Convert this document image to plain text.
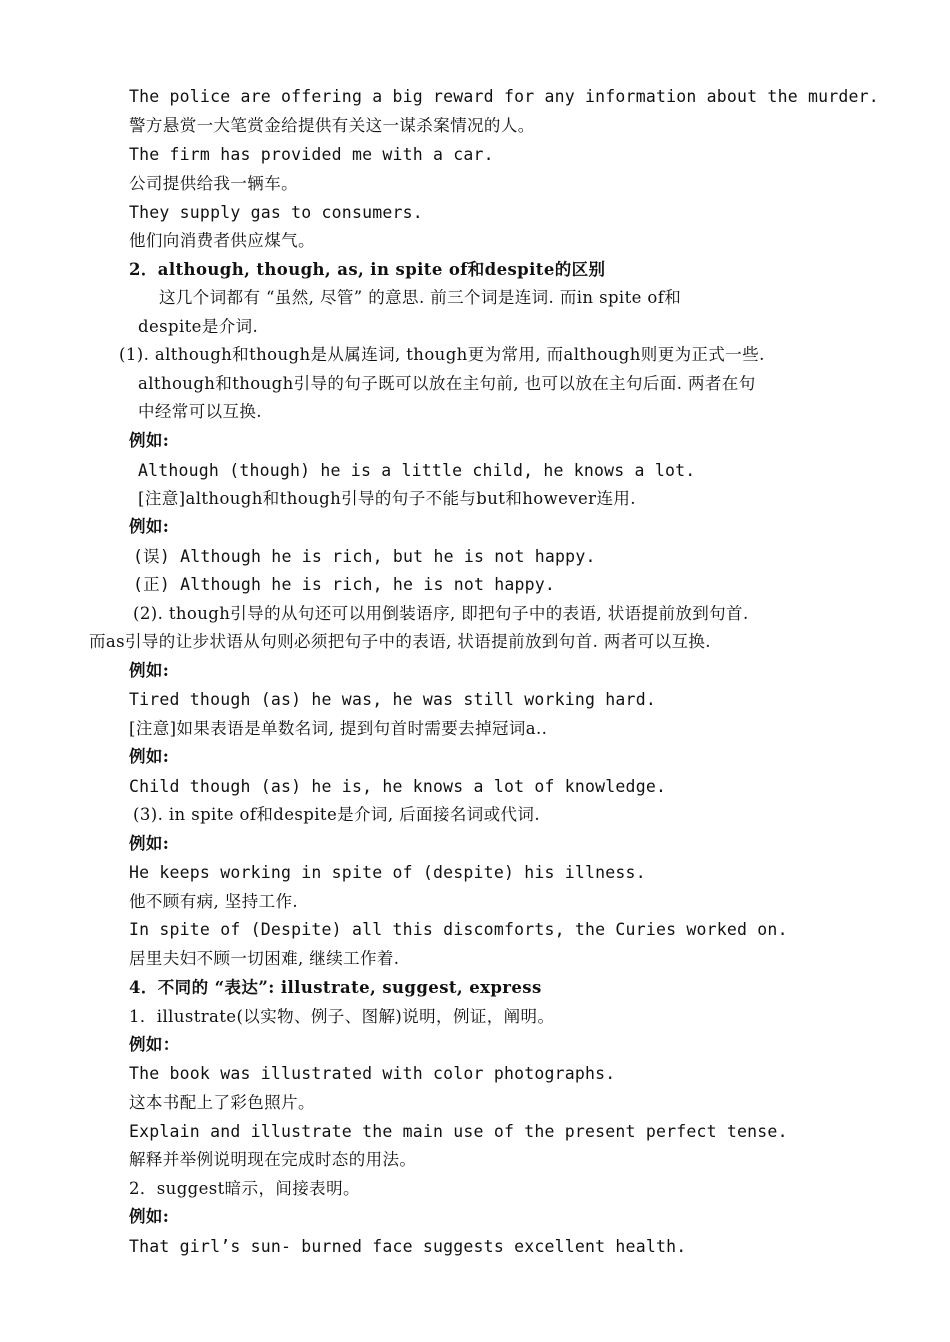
The police are offering a big reward for any information about the murder.
警方悬赏一大笔赏金给提供有关这一谋杀案情况的人。
The firm has provided me with a car.
公司提供给我一辆车。
They supply gas to consumers.
他们向消费者供应煤气。
2．although, though, as, in spite of和despite的区别
这几个词都有 “虽然, 尽管” 的意思. 前三个词是连词. 而in spite of和
despite是介词.
(1). although和though是从属连词, though更为常用, 而although则更为正式一些.
although和though引导的句子既可以放在主句前, 也可以放在主句后面. 两者在句
中经常可以互换.
例如:
Although (though) he is a little child, he knows a lot.
[注意]although和though引导的句子不能与but和however连用.
例如:
(误) Although he is rich, but he is not happy.
(正) Although he is rich, he is not happy.
(2). though引导的从句还可以用倒装语序, 即把句子中的表语, 状语提前放到句首.
而as引导的让步状语从句则必须把句子中的表语, 状语提前放到句首. 两者可以互换.
例如:
Tired though (as) he was, he was still working hard.
[注意]如果表语是单数名词, 提到句首时需要去掉冠词a..
例如:
Child though (as) he is, he knows a lot of knowledge.
(3). in spite of和despite是介词, 后面接名词或代词.
例如:
He keeps working in spite of (despite) his illness.
他不顾有病, 坚持工作.
In spite of (Despite) all this discomforts, the Curies worked on.
居里夫妇不顾一切困难, 继续工作着.
4．不同的 “表达”: illustrate, suggest, express
1．illustrate(以实物、例子、图解)说明，例证，阐明。
例如：
The book was illustrated with color photographs.
这本书配上了彩色照片。
Explain and illustrate the main use of the present perfect tense.
解释并举例说明现在完成时态的用法。
2．suggest暗示，间接表明。
例如:
That girl’s sun- burned face suggests excellent health.
